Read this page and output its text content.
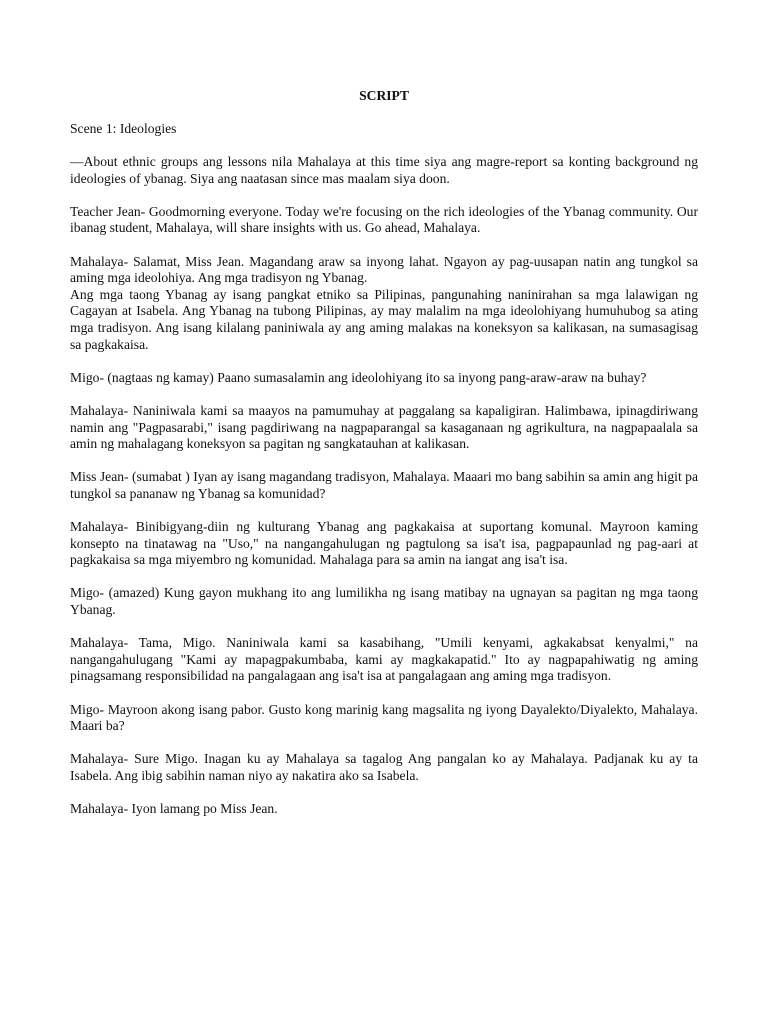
SCRIPT

Scene 1: Ideologies

—About ethnic groups ang lessons nila Mahalaya at this time siya ang magre-report sa konting background ng ideologies of ybanag. Siya ang naatasan since mas maalam siya doon.

Teacher Jean- Goodmorning everyone. Today we're focusing on the rich ideologies of the Ybanag community. Our ibanag student, Mahalaya, will share insights with us. Go ahead, Mahalaya.

Mahalaya- Salamat, Miss Jean. Magandang araw sa inyong lahat. Ngayon ay pag-uusapan natin ang tungkol sa aming mga ideolohiya. Ang mga tradisyon ng Ybanag.

Ang mga taong Ybanag ay isang pangkat etniko sa Pilipinas, pangunahing naninirahan sa mga lalawigan ng Cagayan at Isabela. Ang Ybanag na tubong Pilipinas, ay may malalim na mga ideolohiyang humuhubog sa ating mga tradisyon. Ang isang kilalang paniniwala ay ang aming malakas na koneksyon sa kalikasan, na sumasagisag sa pagkakaisa.

Migo- (nagtaas ng kamay) Paano sumasalamin ang ideolohiyang ito sa inyong pang-araw-araw na buhay?

Mahalaya- Naniniwala kami sa maayos na pamumuhay at paggalang sa kapaligiran. Halimbawa, ipinagdiriwang namin ang "Pagpasarabi," isang pagdiriwang na nagpaparangal sa kasaganaan ng agrikultura, na nagpapaalala sa amin ng mahalagang koneksyon sa pagitan ng sangkatauhan at kalikasan.

Miss Jean- (sumabat ) Iyan ay isang magandang tradisyon, Mahalaya. Maaari mo bang sabihin sa amin ang higit pa tungkol sa pananaw ng Ybanag sa komunidad?

Mahalaya- Binibigyang-diin ng kulturang Ybanag ang pagkakaisa at suportang komunal. Mayroon kaming konsepto na tinatawag na "Uso," na nangangahulugan ng pagtulong sa isa't isa, pagpapaunlad ng pag-aari at pagkakaisa sa mga miyembro ng komunidad. Mahalaga para sa amin na iangat ang isa't isa.

Migo- (amazed) Kung gayon mukhang ito ang lumilikha ng isang matibay na ugnayan sa pagitan ng mga taong Ybanag.

Mahalaya- Tama, Migo. Naniniwala kami sa kasabihang, "Umili kenyami, agkakabsat kenyalmi," na nangangahulugang "Kami ay mapagpakumbaba, kami ay magkakapatid." Ito ay nagpapahiwatig ng aming pinagsamang responsibilidad na pangalagaan ang isa't isa at pangalagaan ang aming mga tradisyon.

Migo- Mayroon akong isang pabor. Gusto kong marinig kang magsalita ng iyong Dayalekto/Diyalekto, Mahalaya. Maari ba?

Mahalaya- Sure Migo. Inagan ku ay Mahalaya sa tagalog Ang pangalan ko ay Mahalaya. Padjanak ku ay ta Isabela. Ang ibig sabihin naman niyo ay nakatira ako sa Isabela.

Mahalaya- Iyon lamang po Miss Jean.
